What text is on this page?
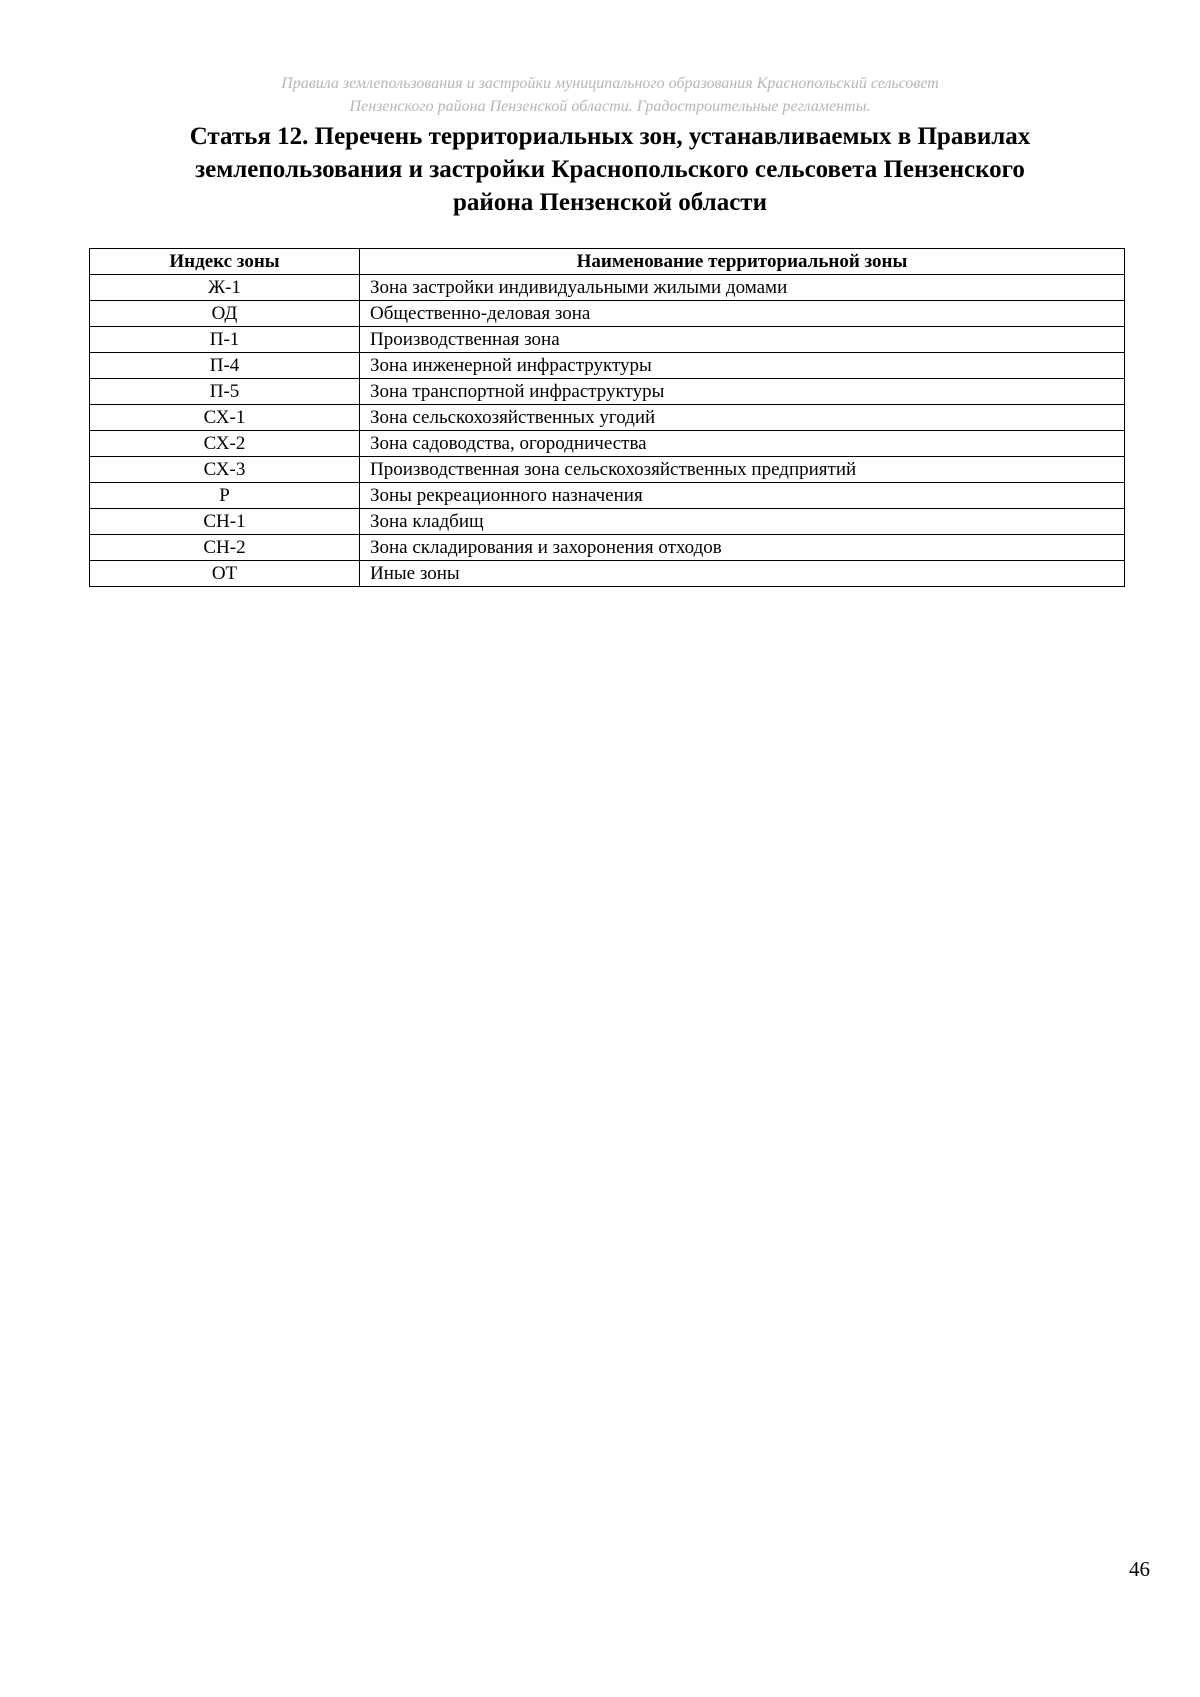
Правила землепользования и застройки муниципального образования Краснопольский сельсовет
Пензенского района Пензенской области. Градостроительные регламенты.
Статья 12. Перечень территориальных зон, устанавливаемых в Правилах
землепользования и застройки Краснопольского сельсовета Пензенского
района Пензенской области
Индекс зоны	Наименование территориальной зоны
Ж-1	Зона застройки индивидуальными жилыми домами
ОД	Общественно-деловая зона
П-1	Производственная зона
П-4	Зона инженерной инфраструктуры
П-5	Зона транспортной инфраструктуры
СХ-1	Зона сельскохозяйственных угодий
СХ-2	Зона садоводства, огородничества
СХ-3	Производственная зона сельскохозяйственных предприятий
Р	Зоны рекреационного назначения
СН-1	Зона кладбищ
СН-2	Зона складирования и захоронения отходов
ОТ	Иные зоны
46
